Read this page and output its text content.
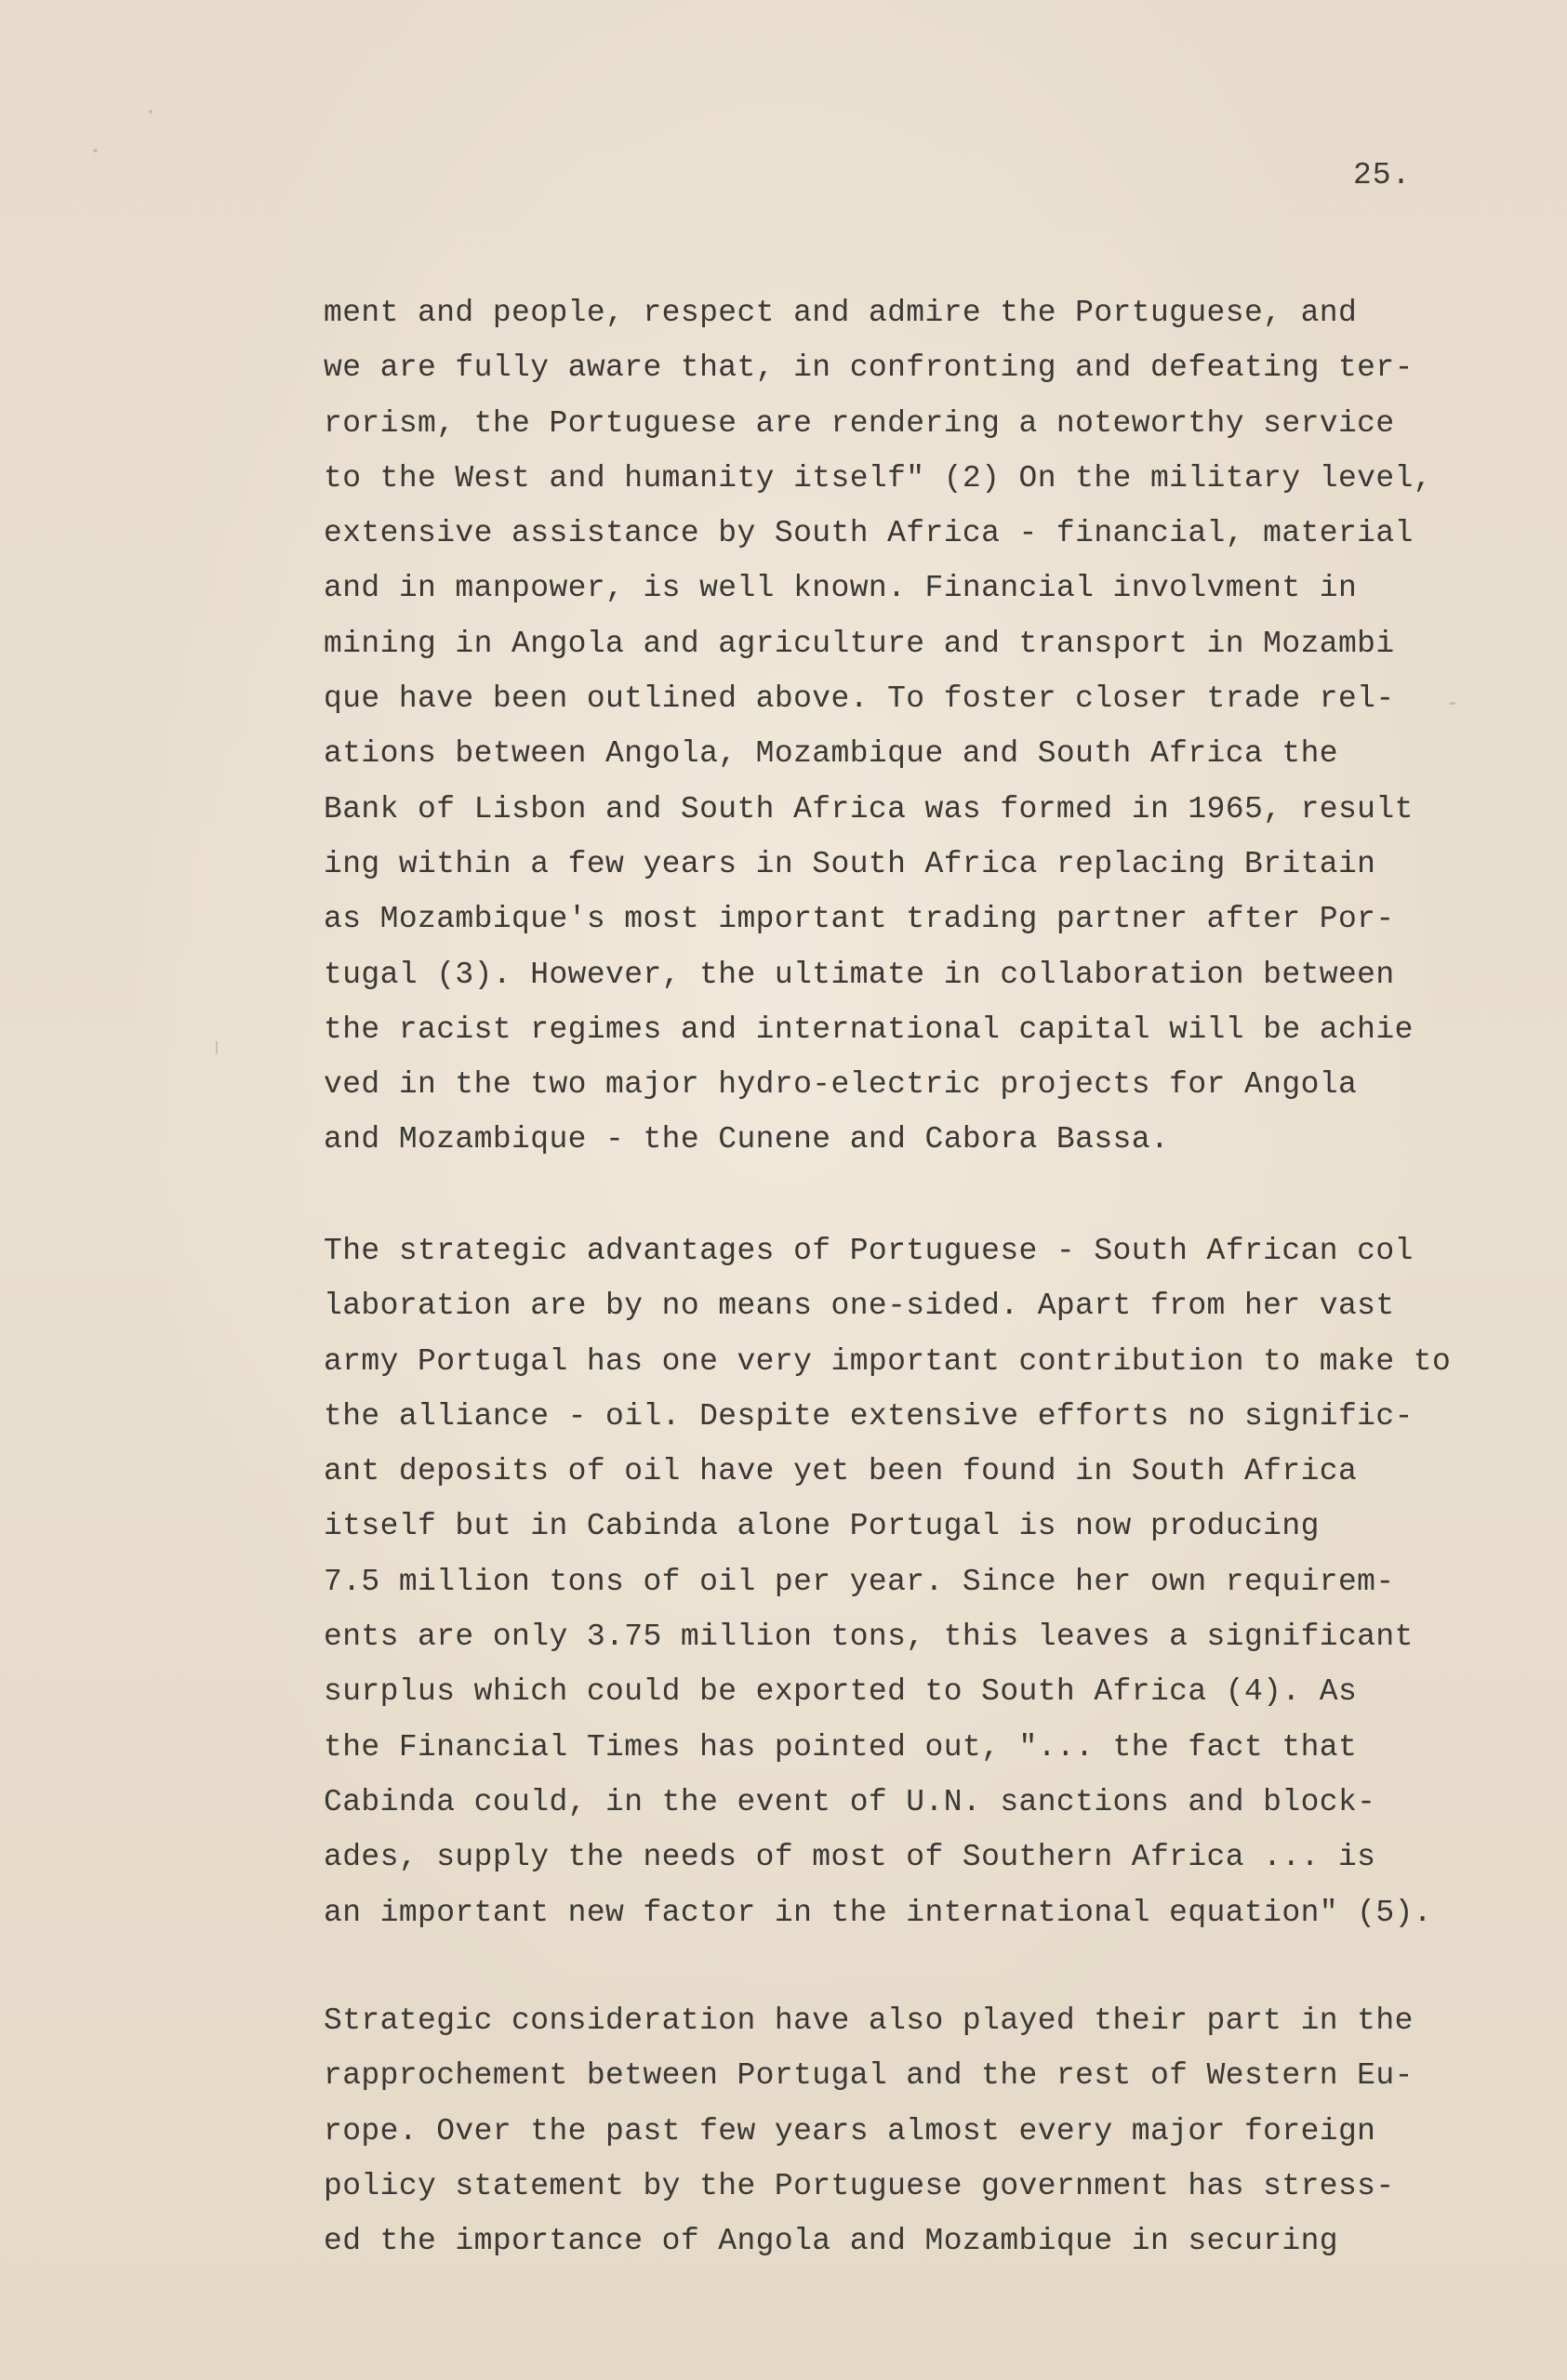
25.
ment and people, respect and admire the Portuguese, and
we are fully aware that, in confronting and defeating ter-
rorism, the Portuguese are rendering a noteworthy service
to the West and humanity itself" (2) On the military level,
extensive assistance by South Africa - financial, material
and in manpower, is well known. Financial involvment in
mining in Angola and agriculture and transport in Mozambi
que have been outlined above. To foster closer trade rel-
ations between Angola, Mozambique and South Africa the
Bank of Lisbon and South Africa was formed in 1965, result
ing within a few years in South Africa replacing Britain
as Mozambique's most important trading partner after Por-
tugal (3). However, the ultimate in collaboration between
the racist regimes and international capital will be achie
ved in the two major hydro-electric projects for Angola
and Mozambique - the Cunene and Cabora Bassa.
The strategic advantages of Portuguese - South African col
laboration are by no means one-sided. Apart from her vast
army Portugal has one very important contribution to make to
the alliance - oil. Despite extensive efforts no signific-
ant deposits of oil have yet been found in South Africa
itself but in Cabinda alone Portugal is now producing
7.5 million tons of oil per year. Since her own requirem-
ents are only 3.75 million tons, this leaves a significant
surplus which could be exported to South Africa (4). As
the Financial Times has pointed out, "... the fact that
Cabinda could, in the event of U.N. sanctions and block-
ades, supply the needs of most of Southern Africa ... is
an important new factor in the international equation" (5).
Strategic consideration have also played their part in the
rapprochement between Portugal and the rest of Western Eu-
rope. Over the past few years almost every major foreign
policy statement by the Portuguese government has stress-
ed the importance of Angola and Mozambique in securing
